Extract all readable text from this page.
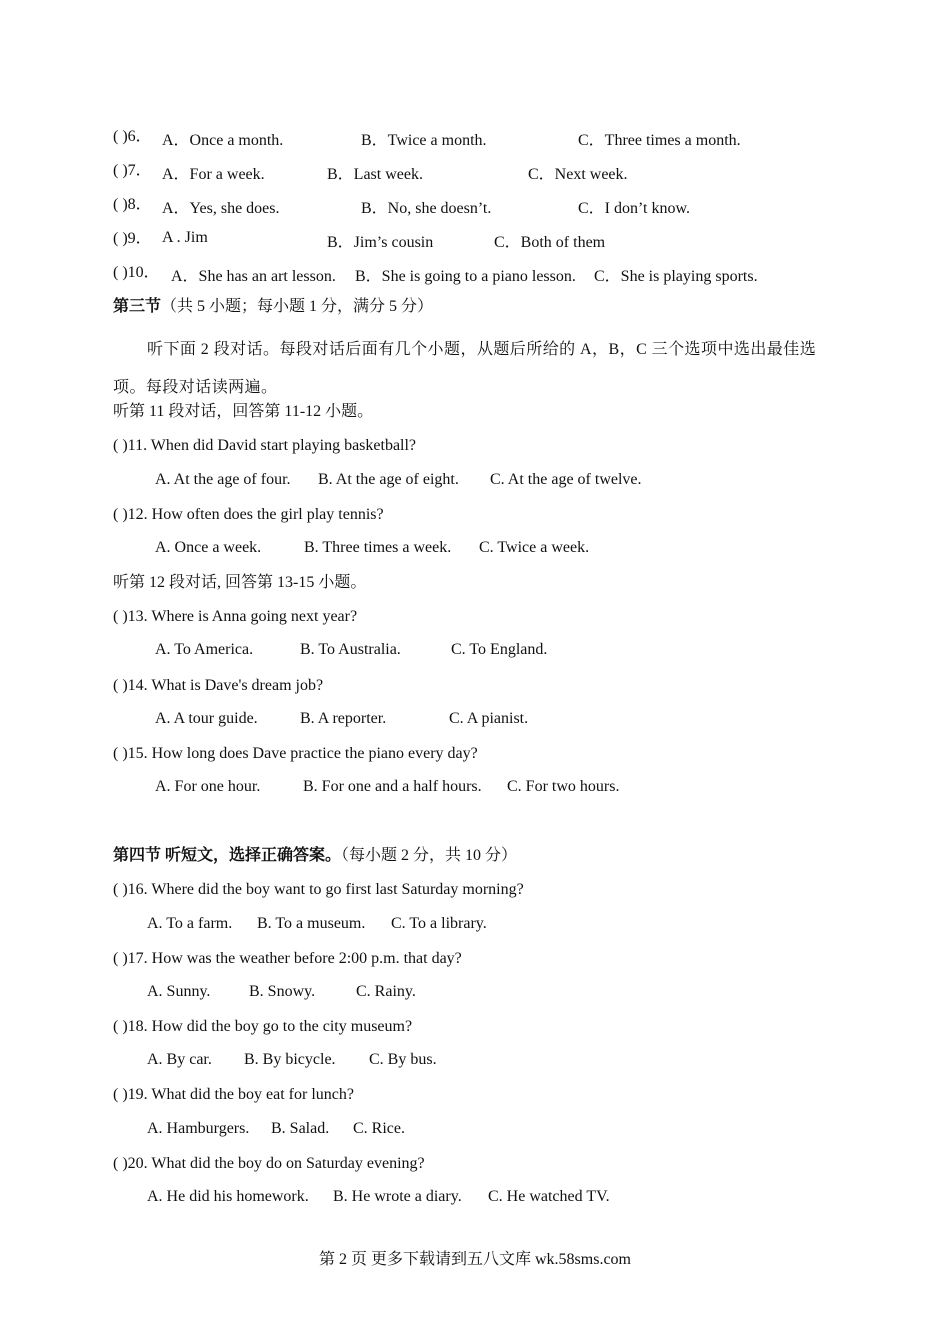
( )6． A．Once a month.	B．Twice a month.	C．Three times a month.
( )7． A．For a week.	B．Last week.	C．Next week.
( )8． A．Yes, she does.	B．No, she doesn’t.	C．I don’t know.
( )9． A . Jim	B．Jim’s cousin	C．Both of them
( )10． A．She has an art lesson. B．She is going to a piano lesson. C．She is playing sports.
第三节（共 5 小题；每小题 1 分，满分 5 分）
听下面 2 段对话。每段对话后面有几个小题，从题后所给的 A，B，C 三个选项中选出最佳选项。每段对话读两遍。
听第 11 段对话，回答第 11-12 小题。
( )11. When did David start playing basketball?
A. At the age of four. B. At the age of eight. C. At the age of twelve.
( )12. How often does the girl play tennis?
A. Once a week.	B. Three times a week. C. Twice a week.
听第 12 段对话, 回答第 13-15 小题。
( )13. Where is Anna going next year?
A. To America.	B. To Australia.	C. To England.
( )14. What is Dave's dream job?
A. A tour guide.	B. A reporter.	C. A pianist.
( )15. How long does Dave practice the piano every day?
A. For one hour.	B. For one and a half hours. C. For two hours.
第四节 听短文，选择正确答案。（每小题 2 分，共 10 分）
( )16. Where did the boy want to go first last Saturday morning?
A. To a farm. B. To a museum. C. To a library.
( )17. How was the weather before 2:00 p.m. that day?
A. Sunny. B. Snowy.	C. Rainy.
( )18. How did the boy go to the city museum?
A. By car. B. By bicycle. C. By bus.
( )19. What did the boy eat for lunch?
A. Hamburgers. B. Salad. C. Rice.
( )20. What did the boy do on Saturday evening?
A. He did his homework. B. He wrote a diary. C. He watched TV.
第 2 页 更多下载请到五八文库 wk.58sms.com
